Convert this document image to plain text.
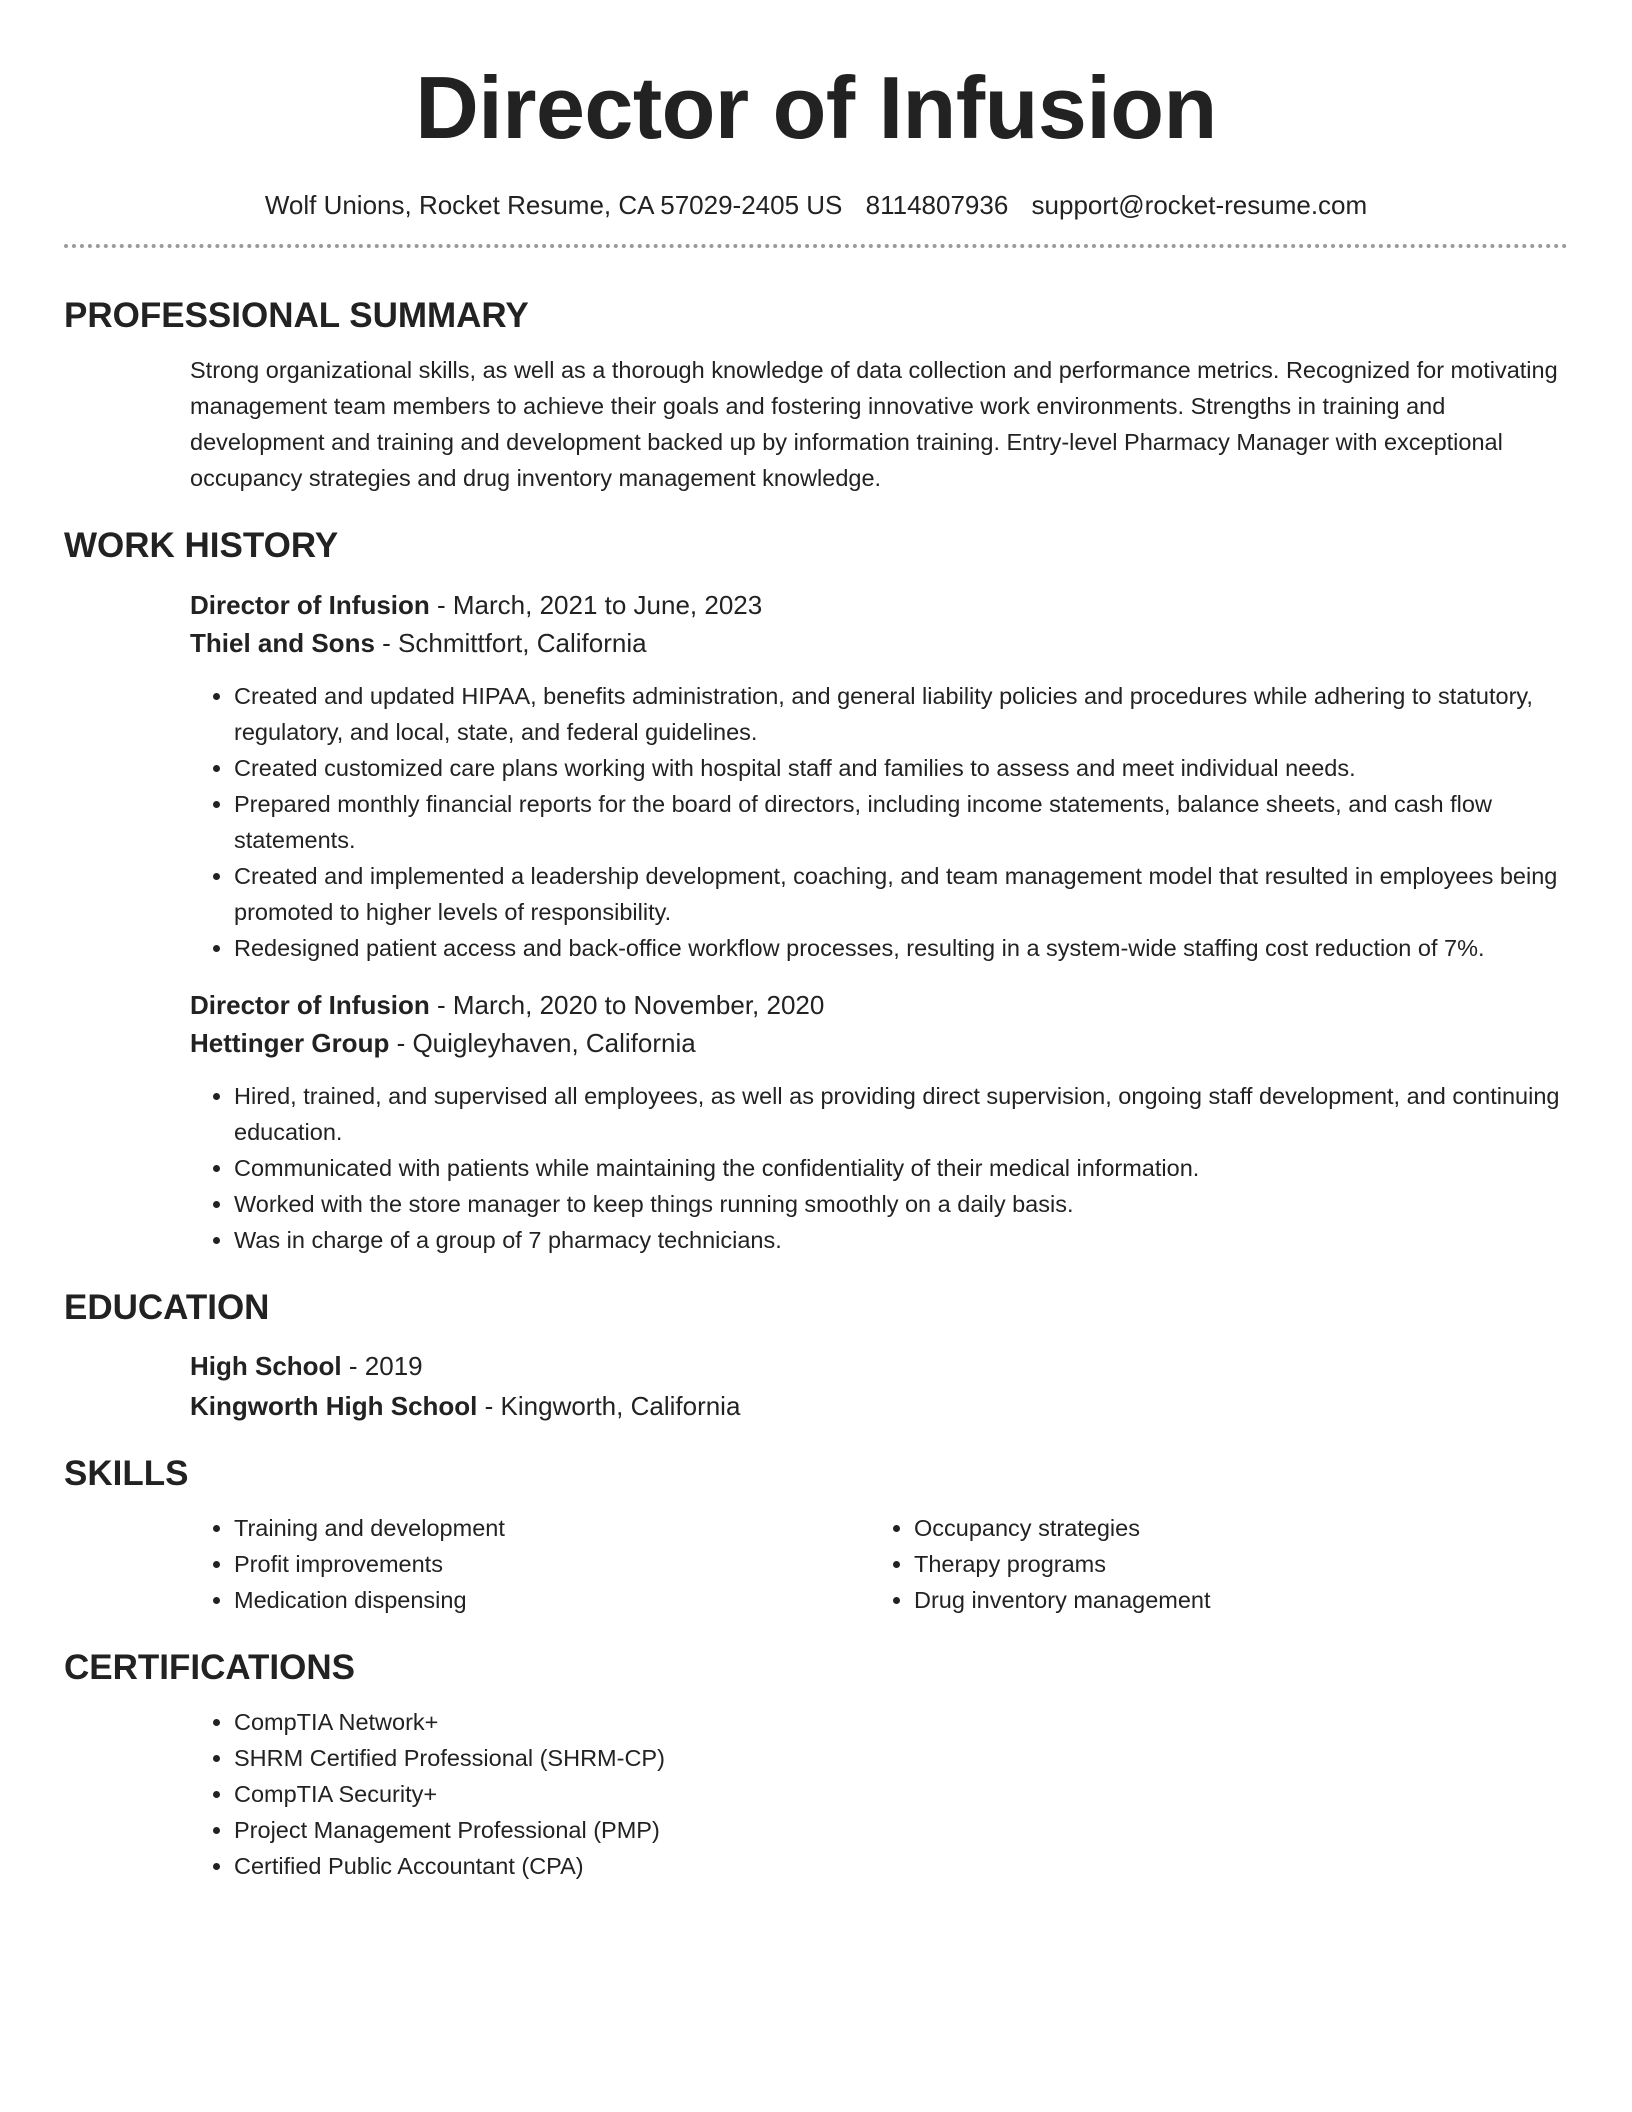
Director of Infusion
Wolf Unions, Rocket Resume, CA 57029-2405 US 8114807936 support@rocket-resume.com
PROFESSIONAL SUMMARY
Strong organizational skills, as well as a thorough knowledge of data collection and performance metrics. Recognized for motivating management team members to achieve their goals and fostering innovative work environments. Strengths in training and development and training and development backed up by information training. Entry-level Pharmacy Manager with exceptional occupancy strategies and drug inventory management knowledge.
WORK HISTORY
Director of Infusion - March, 2021 to June, 2023
Thiel and Sons - Schmittfort, California
• Created and updated HIPAA, benefits administration, and general liability policies and procedures while adhering to statutory, regulatory, and local, state, and federal guidelines.
• Created customized care plans working with hospital staff and families to assess and meet individual needs.
• Prepared monthly financial reports for the board of directors, including income statements, balance sheets, and cash flow statements.
• Created and implemented a leadership development, coaching, and team management model that resulted in employees being promoted to higher levels of responsibility.
• Redesigned patient access and back-office workflow processes, resulting in a system-wide staffing cost reduction of 7%.
Director of Infusion - March, 2020 to November, 2020
Hettinger Group - Quigleyhaven, California
• Hired, trained, and supervised all employees, as well as providing direct supervision, ongoing staff development, and continuing education.
• Communicated with patients while maintaining the confidentiality of their medical information.
• Worked with the store manager to keep things running smoothly on a daily basis.
• Was in charge of a group of 7 pharmacy technicians.
EDUCATION
High School - 2019
Kingworth High School - Kingworth, California
SKILLS
• Training and development
• Profit improvements
• Medication dispensing
• Occupancy strategies
• Therapy programs
• Drug inventory management
CERTIFICATIONS
• CompTIA Network+
• SHRM Certified Professional (SHRM-CP)
• CompTIA Security+
• Project Management Professional (PMP)
• Certified Public Accountant (CPA)
